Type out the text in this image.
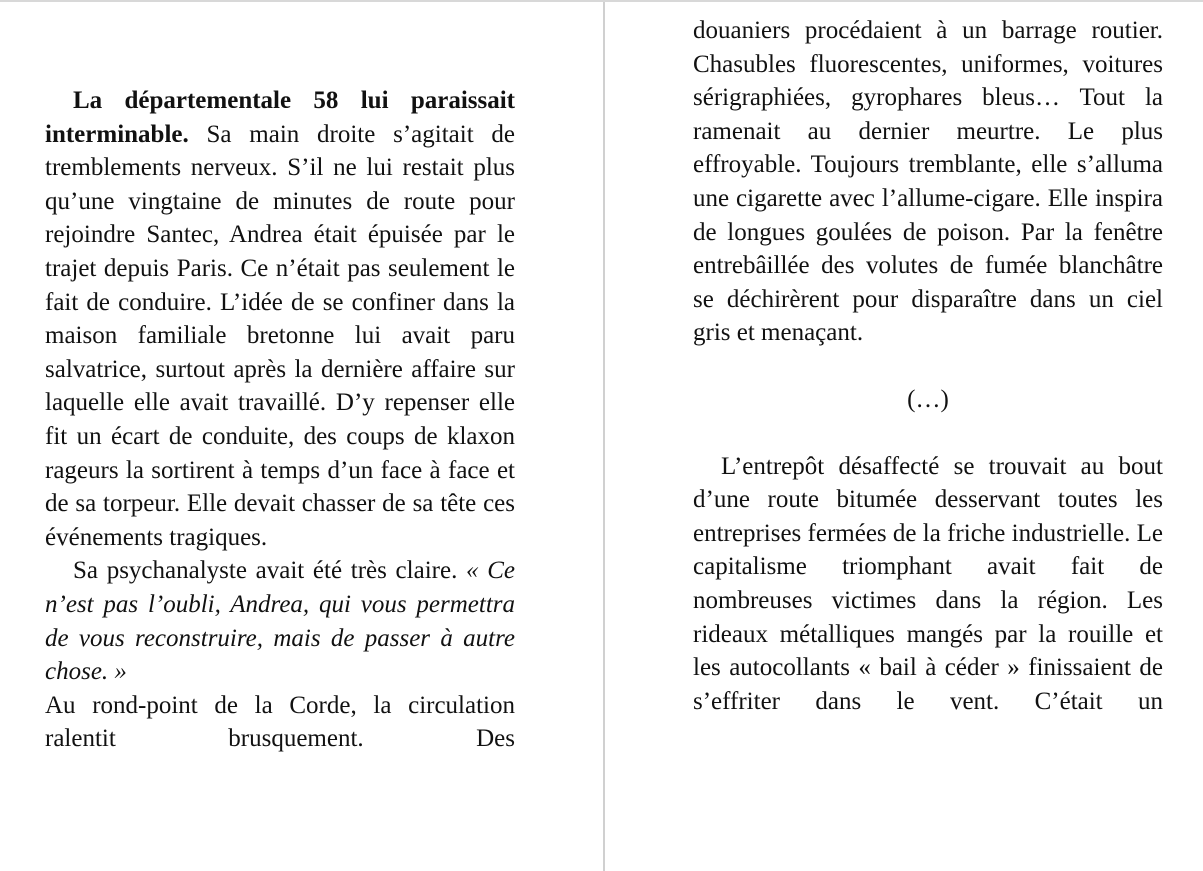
La départementale 58 lui paraissait interminable. Sa main droite s’agitait de tremblements nerveux. S’il ne lui restait plus qu’une vingtaine de minutes de route pour rejoindre Santec, Andrea était épuisée par le trajet depuis Paris. Ce n’était pas seulement le fait de conduire. L’idée de se confiner dans la maison familiale bretonne lui avait paru salvatrice, surtout après la dernière affaire sur laquelle elle avait travaillé. D’y repenser elle fit un écart de conduite, des coups de klaxon rageurs la sortirent à temps d’un face à face et de sa torpeur. Elle devait chasser de sa tête ces événements tragiques.

Sa psychanalyste avait été très claire. « Ce n’est pas l’oubli, Andrea, qui vous permettra de vous reconstruire, mais de passer à autre chose. »

Au rond-point de la Corde, la circulation ralentit brusquement. Des

douaniers procédaient à un barrage routier. Chasubles fluorescentes, uniformes, voitures sérigraphiées, gyrophares bleus… Tout la ramenait au dernier meurtre. Le plus effroyable. Toujours tremblante, elle s’alluma une cigarette avec l’allume-cigare. Elle inspira de longues goulées de poison. Par la fenêtre entrebâillée des volutes de fumée blanchâtre se déchirèrent pour disparaître dans un ciel gris et menaçant.

(…)

L’entrepôt désaffecté se trouvait au bout d’une route bitumée desservant toutes les entreprises fermées de la friche industrielle. Le capitalisme triomphant avait fait de nombreuses victimes dans la région. Les rideaux métalliques mangés par la rouille et les autocollants « bail à céder » finissaient de s’effriter dans le vent. C’était un
